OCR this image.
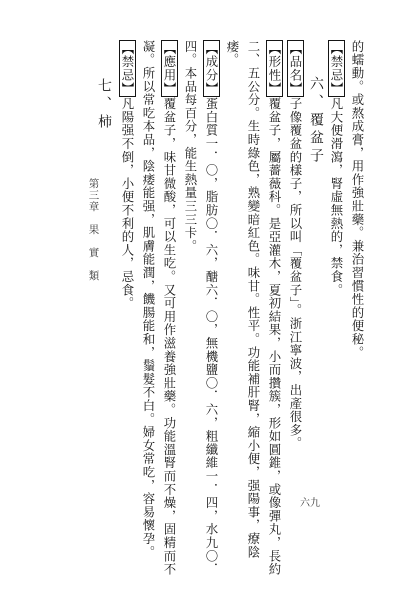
的蠕動。或熬成膏，用作強壯藥。兼治習慣性的便秘。
【禁忌】凡大便滑瀉，腎虛無熱的，禁食。
六、覆盆子
【品名】子像覆盆的樣子，所以叫「覆盆子」。浙江寧波，出產很多。
【形性】覆盆子，屬薔薇科。是亞灌木，夏初結果，小而攢簇，形如圓錐，或像彈丸，長約
二、五公分。生時綠色，熟變暗紅色。味甘。性平。功能補肝腎，縮小便，强陽事，療陰
痿。
【成分】蛋白質一．〇，脂肪〇．六，醣六．〇，無機鹽〇．六，粗纖維一．四，水九〇．
四。本品每百分，能生熱量三三卡。
【應用】覆盆子，味甘微酸，可以生吃。又可用作滋養強壯藥。功能溫腎而不燥，固精而不
凝。所以常吃本品，陰痿能强，肌膚能潤，饑腸能和，鬚髮不白。婦女常吃，容易懷孕。
【禁忌】凡陽强不倒，小便不利的人，忌食。
七、柿
第三章　果　實　類
六九
